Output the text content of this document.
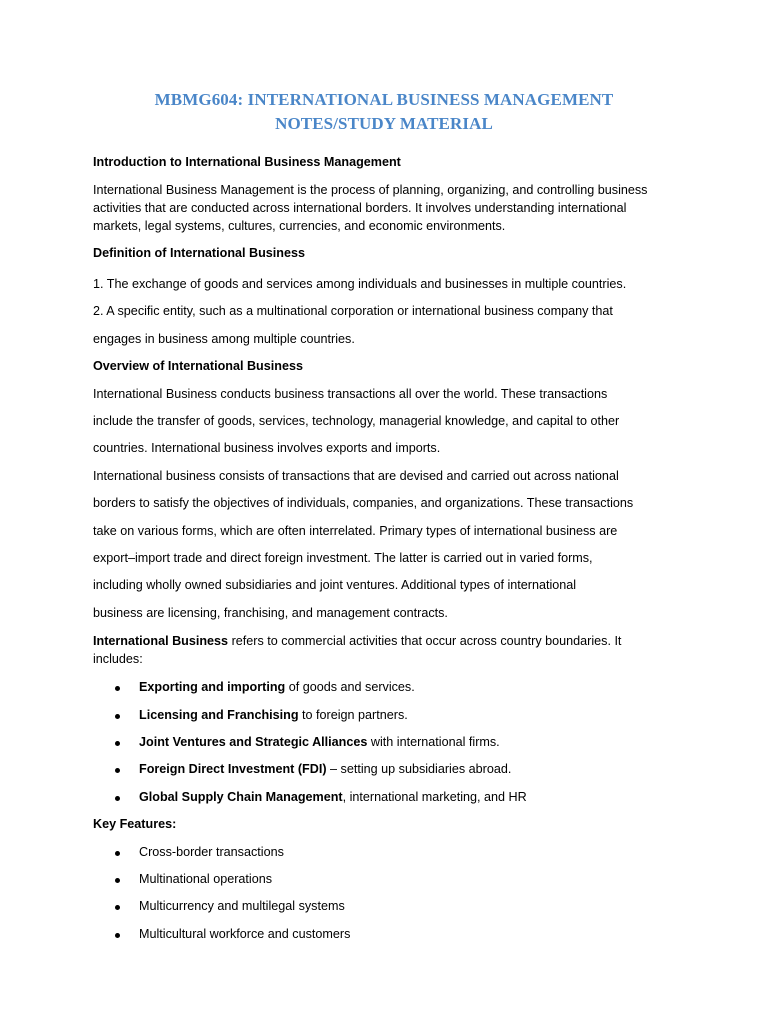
MBMG604: INTERNATIONAL BUSINESS MANAGEMENT
NOTES/STUDY MATERIAL
Introduction to International Business Management

International Business Management is the process of planning, organizing, and controlling business activities that are conducted across international borders. It involves understanding international markets, legal systems, cultures, currencies, and economic environments.

Definition of International Business
1. The exchange of goods and services among individuals and businesses in multiple countries.
2. A specific entity, such as a multinational corporation or international business company that
engages in business among multiple countries.
Overview of International Business
International Business conducts business transactions all over the world. These transactions
include the transfer of goods, services, technology, managerial knowledge, and capital to other
countries. International business involves exports and imports.
International business consists of transactions that are devised and carried out across national
borders to satisfy the objectives of individuals, companies, and organizations. These transactions
take on various forms, which are often interrelated. Primary types of international business are
export–import trade and direct foreign investment. The latter is carried out in varied forms,
including wholly owned subsidiaries and joint ventures. Additional types of international
business are licensing, franchising, and management contracts.

International Business refers to commercial activities that occur across country boundaries. It includes:

Exporting and importing of goods and services.
Licensing and Franchising to foreign partners.
Joint Ventures and Strategic Alliances with international firms.
Foreign Direct Investment (FDI) – setting up subsidiaries abroad.
Global Supply Chain Management, international marketing, and HR
Key Features:
Cross-border transactions
Multinational operations
Multicurrency and multilegal systems
Multicultural workforce and customers
